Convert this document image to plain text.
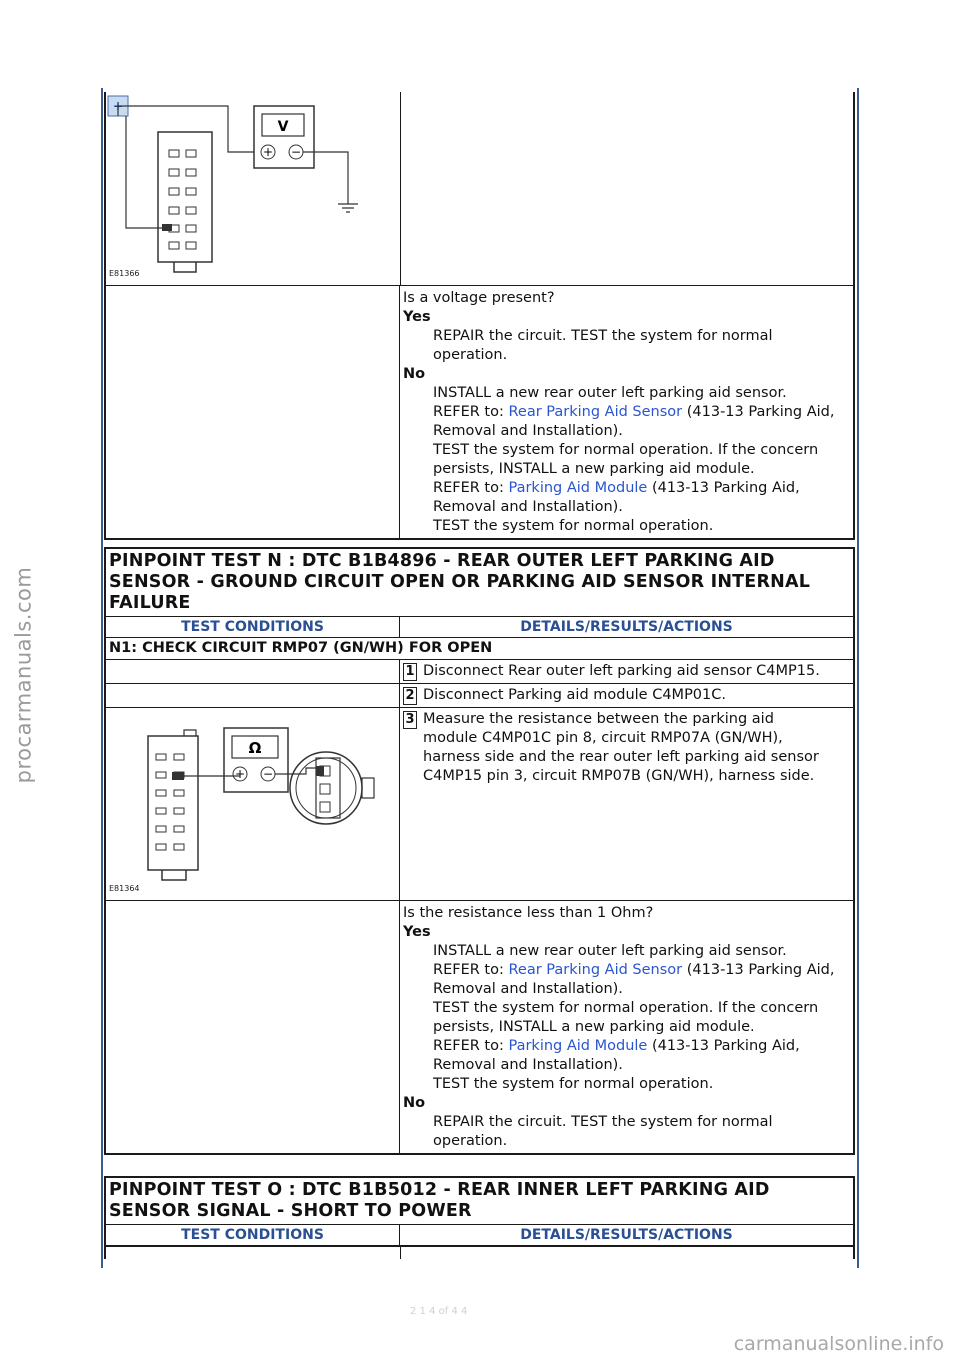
procarmanuals.com
carmanualsonline.info
2 1 4 of 4 4
+
V
+ −
E81366
Is a voltage present?
Yes
REPAIR the circuit. TEST the system for normal operation.
No
INSTALL a new rear outer left parking aid sensor.
REFER to: Rear Parking Aid Sensor (413-13 Parking Aid, Removal and Installation).
TEST the system for normal operation. If the concern persists, INSTALL a new parking aid module.
REFER to: Parking Aid Module (413-13 Parking Aid, Removal and Installation).
TEST the system for normal operation.
PINPOINT TEST N : DTC B1B4896 - REAR OUTER LEFT PARKING AID SENSOR - GROUND CIRCUIT OPEN OR PARKING AID SENSOR INTERNAL FAILURE
TEST CONDITIONS	DETAILS/RESULTS/ACTIONS
N1: CHECK CIRCUIT RMP07 (GN/WH) FOR OPEN
1 Disconnect Rear outer left parking aid sensor C4MP15.
2 Disconnect Parking aid module C4MP01C.
Ω
+ −
E81364
3 Measure the resistance between the parking aid module C4MP01C pin 8, circuit RMP07A (GN/WH), harness side and the rear outer left parking aid sensor C4MP15 pin 3, circuit RMP07B (GN/WH), harness side.
Is the resistance less than 1 Ohm?
Yes
INSTALL a new rear outer left parking aid sensor.
REFER to: Rear Parking Aid Sensor (413-13 Parking Aid, Removal and Installation).
TEST the system for normal operation. If the concern persists, INSTALL a new parking aid module.
REFER to: Parking Aid Module (413-13 Parking Aid, Removal and Installation).
TEST the system for normal operation.
No
REPAIR the circuit. TEST the system for normal operation.
PINPOINT TEST O : DTC B1B5012 - REAR INNER LEFT PARKING AID SENSOR SIGNAL - SHORT TO POWER
TEST CONDITIONS	DETAILS/RESULTS/ACTIONS
